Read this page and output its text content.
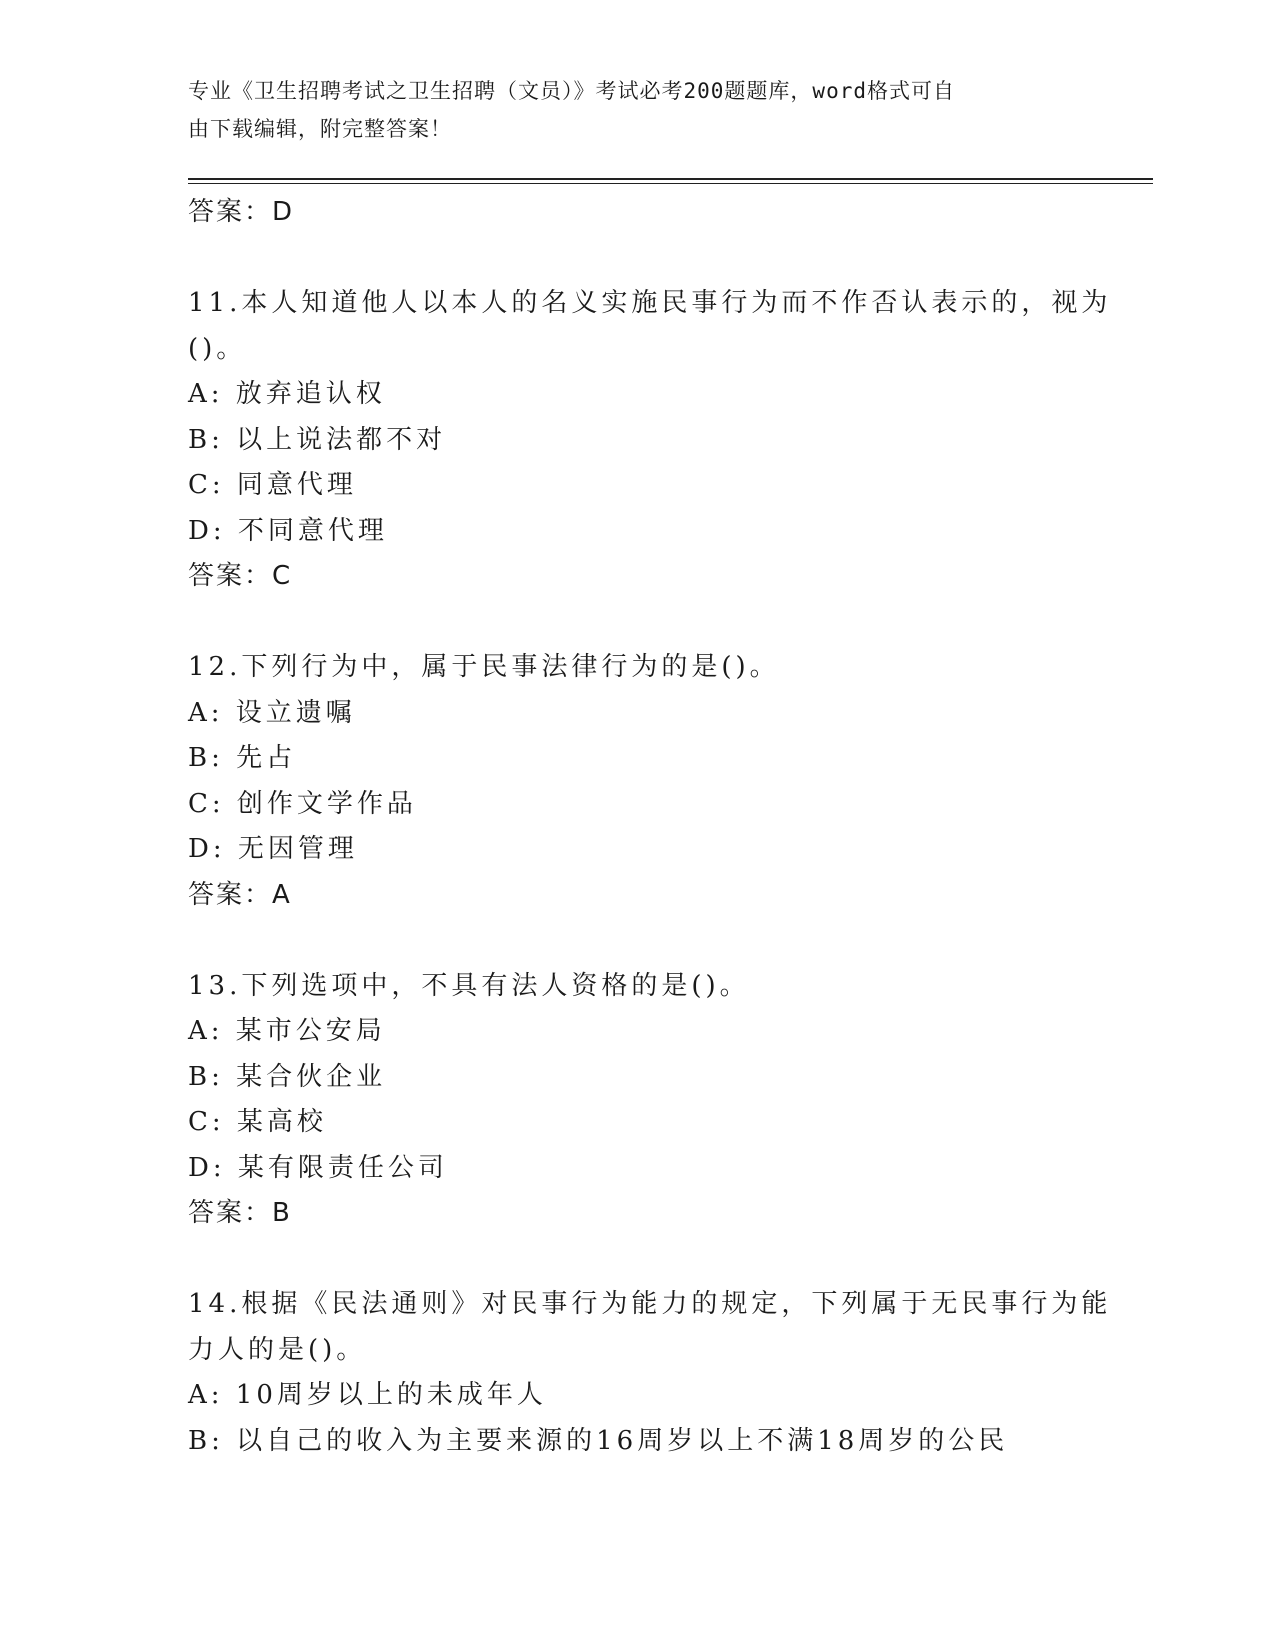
专业《卫生招聘考试之卫生招聘（文员）》考试必考200题题库，word格式可自
由下载编辑，附完整答案！
答案：D
11.本人知道他人以本人的名义实施民事行为而不作否认表示的，视为
()。
A: 放弃追认权
B: 以上说法都不对
C: 同意代理
D: 不同意代理
答案：C
12.下列行为中，属于民事法律行为的是()。
A: 设立遗嘱
B: 先占
C: 创作文学作品
D: 无因管理
答案：A
13.下列选项中，不具有法人资格的是()。
A: 某市公安局
B: 某合伙企业
C: 某高校
D: 某有限责任公司
答案：B
14.根据《民法通则》对民事行为能力的规定，下列属于无民事行为能
力人的是()。
A: 10周岁以上的未成年人
B: 以自己的收入为主要来源的16周岁以上不满18周岁的公民
